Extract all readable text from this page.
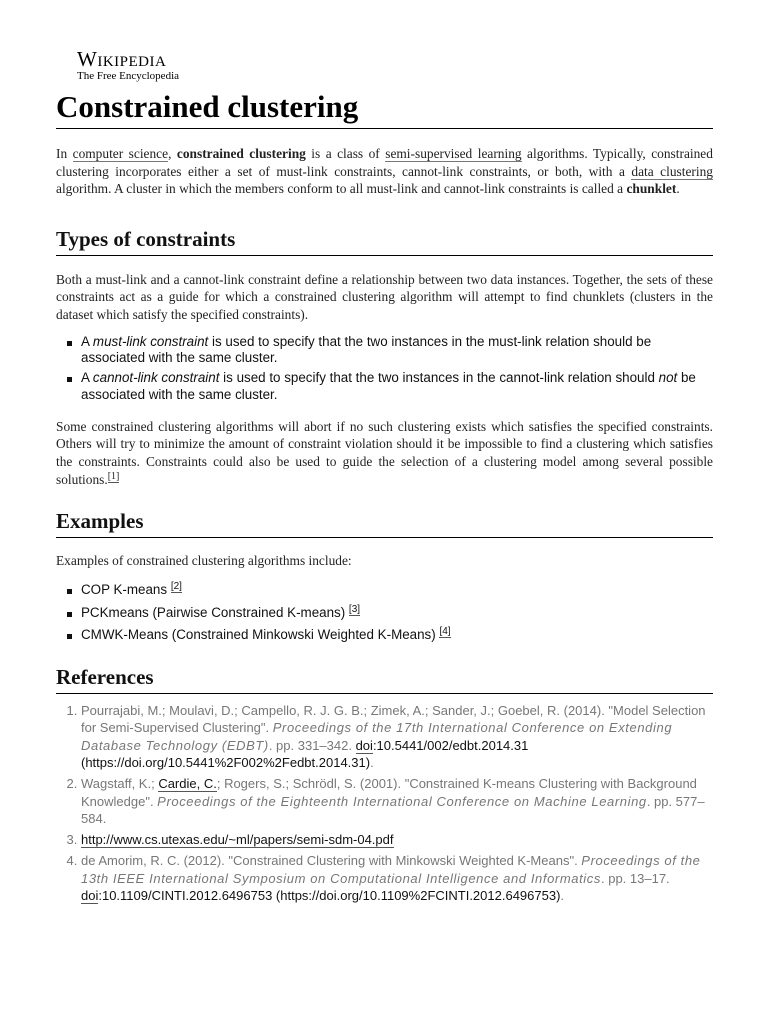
Wikipedia
The Free Encyclopedia
Constrained clustering

In computer science, constrained clustering is a class of semi-supervised learning algorithms. Typically, constrained clustering incorporates either a set of must-link constraints, cannot-link constraints, or both, with a data clustering algorithm. A cluster in which the members conform to all must-link and cannot-link constraints is called a chunklet.

Types of constraints

Both a must-link and a cannot-link constraint define a relationship between two data instances. Together, the sets of these constraints act as a guide for which a constrained clustering algorithm will attempt to find chunklets (clusters in the dataset which satisfy the specified constraints).

A must-link constraint is used to specify that the two instances in the must-link relation should be associated with the same cluster.
A cannot-link constraint is used to specify that the two instances in the cannot-link relation should not be associated with the same cluster.

Some constrained clustering algorithms will abort if no such clustering exists which satisfies the specified constraints. Others will try to minimize the amount of constraint violation should it be impossible to find a clustering which satisfies the constraints. Constraints could also be used to guide the selection of a clustering model among several possible solutions.[1]

Examples

Examples of constrained clustering algorithms include:

COP K-means [2]
PCKmeans (Pairwise Constrained K-means) [3]
CMWK-Means (Constrained Minkowski Weighted K-Means) [4]
References
1. Pourrajabi, M.; Moulavi, D.; Campello, R. J. G. B.; Zimek, A.; Sander, J.; Goebel, R. (2014). "Model Selection for Semi-Supervised Clustering". Proceedings of the 17th International Conference on Extending Database Technology (EDBT). pp. 331–342. doi:10.5441/002/edbt.2014.31 (https://doi.org/10.5441%2F002%2Fedbt.2014.31).
2. Wagstaff, K.; Cardie, C.; Rogers, S.; Schrödl, S. (2001). "Constrained K-means Clustering with Background Knowledge". Proceedings of the Eighteenth International Conference on Machine Learning. pp. 577–584.
3. http://www.cs.utexas.edu/~ml/papers/semi-sdm-04.pdf
4. de Amorim, R. C. (2012). "Constrained Clustering with Minkowski Weighted K-Means". Proceedings of the 13th IEEE International Symposium on Computational Intelligence and Informatics. pp. 13–17. doi:10.1109/CINTI.2012.6496753 (https://doi.org/10.1109%2FCINTI.2012.6496753).
